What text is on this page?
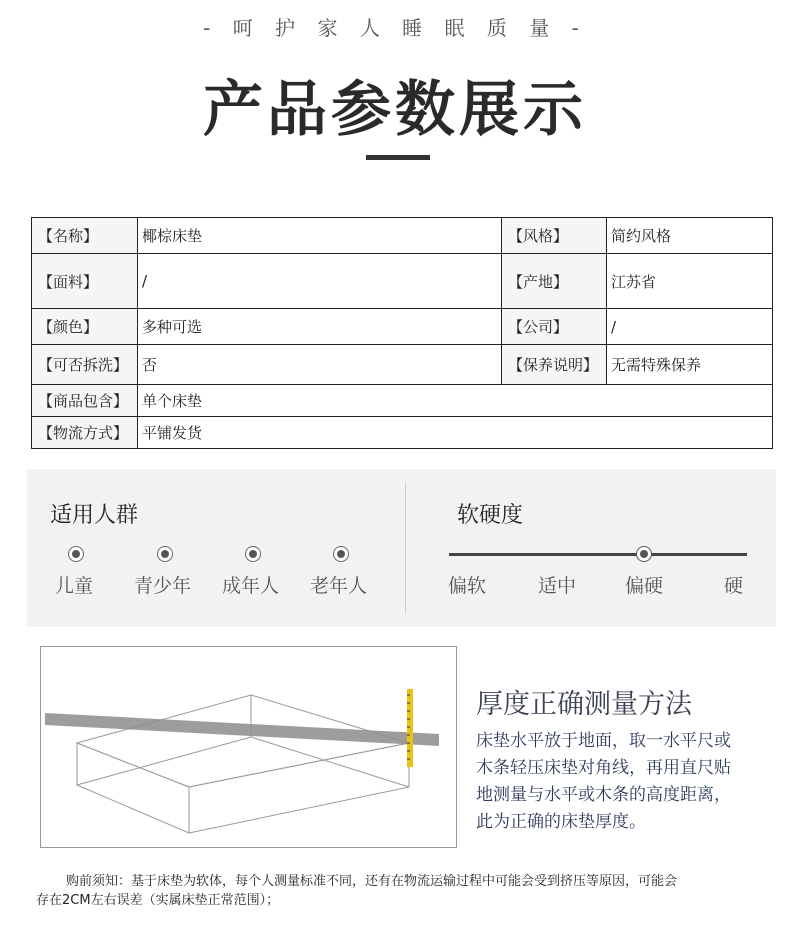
- 呵 护 家 人 睡 眠 质 量 -
产品参数展示
【名称】	椰棕床垫	【风格】	简约风格
【面料】	/	【产地】	江苏省
【颜色】	多种可选	【公司】	/
【可否拆洗】	否	【保养说明】	无需特殊保养
【商品包含】	单个床垫		
【物流方式】	平铺发货		
适用人群
儿童 青少年 成年人 老年人
软硬度
偏软	适中	偏硬	硬
厚度正确测量方法
床垫水平放于地面，取一水平尺或
木条轻压床垫对角线，再用直尺贴
地测量与水平或木条的高度距离，
此为正确的床垫厚度。
购前须知：基于床垫为软体，每个人测量标准不同，还有在物流运输过程中可能会受到挤压等原因，可能会
存在2CM左右误差（实属床垫正常范围）；
